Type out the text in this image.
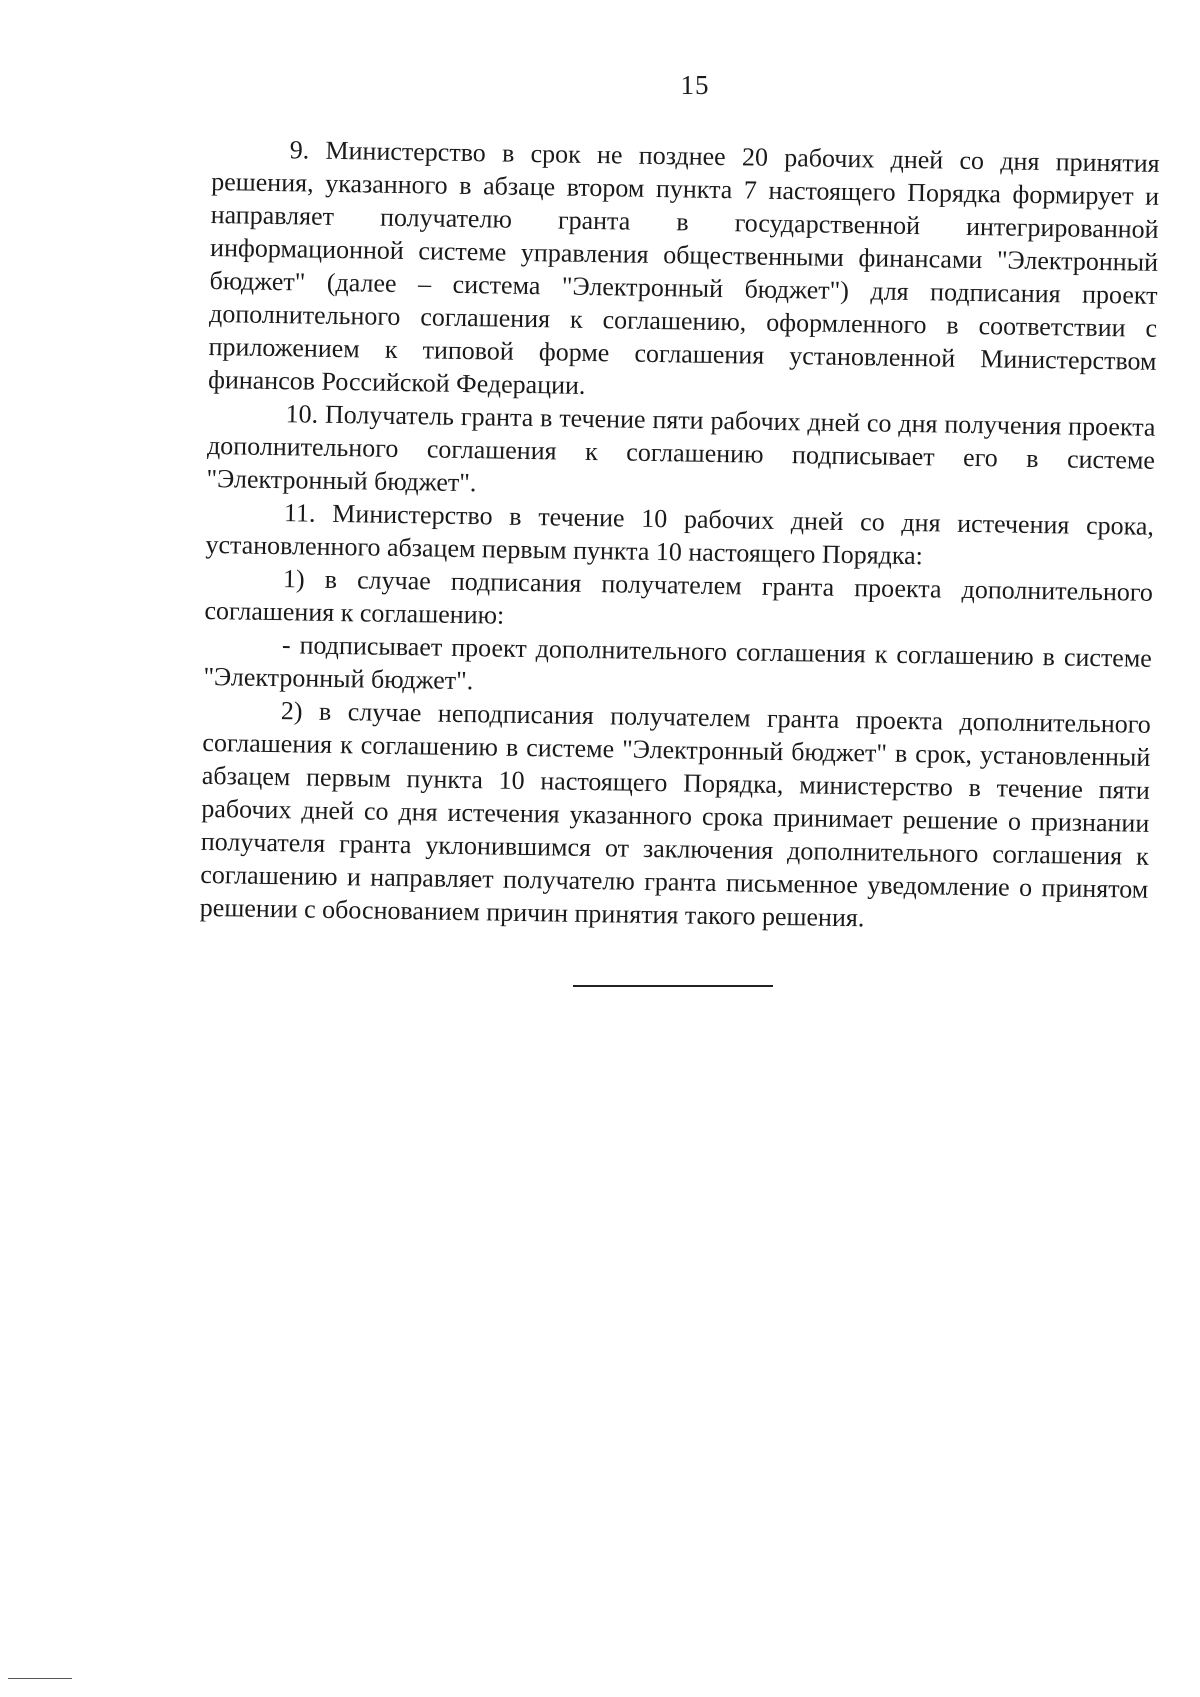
15

9. Министерство в срок не позднее 20 рабочих дней со дня принятия решения, указанного в абзаце втором пункта 7 настоящего Порядка формирует и направляет получателю гранта в государственной интегрированной информационной системе управления общественными финансами "Электронный бюджет" (далее – система "Электронный бюджет") для подписания проект дополнительного соглашения к соглашению, оформленного в соответствии с приложением к типовой форме соглашения установленной Министерством финансов Российской Федерации.

10. Получатель гранта в течение пяти рабочих дней со дня получения проекта дополнительного соглашения к соглашению подписывает его в системе "Электронный бюджет".

11. Министерство в течение 10 рабочих дней со дня истечения срока, установленного абзацем первым пункта 10 настоящего Порядка:

1) в случае подписания получателем гранта проекта дополнительного соглашения к соглашению:

- подписывает проект дополнительного соглашения к соглашению в системе "Электронный бюджет".

2) в случае неподписания получателем гранта проекта дополнительного соглашения к соглашению в системе "Электронный бюджет" в срок, установленный абзацем первым пункта 10 настоящего Порядка, министерство в течение пяти рабочих дней со дня истечения указанного срока принимает решение о признании получателя гранта уклонившимся от заключения дополнительного соглашения к соглашению и направляет получателю гранта письменное уведомление о принятом решении с обоснованием причин принятия такого решения.
